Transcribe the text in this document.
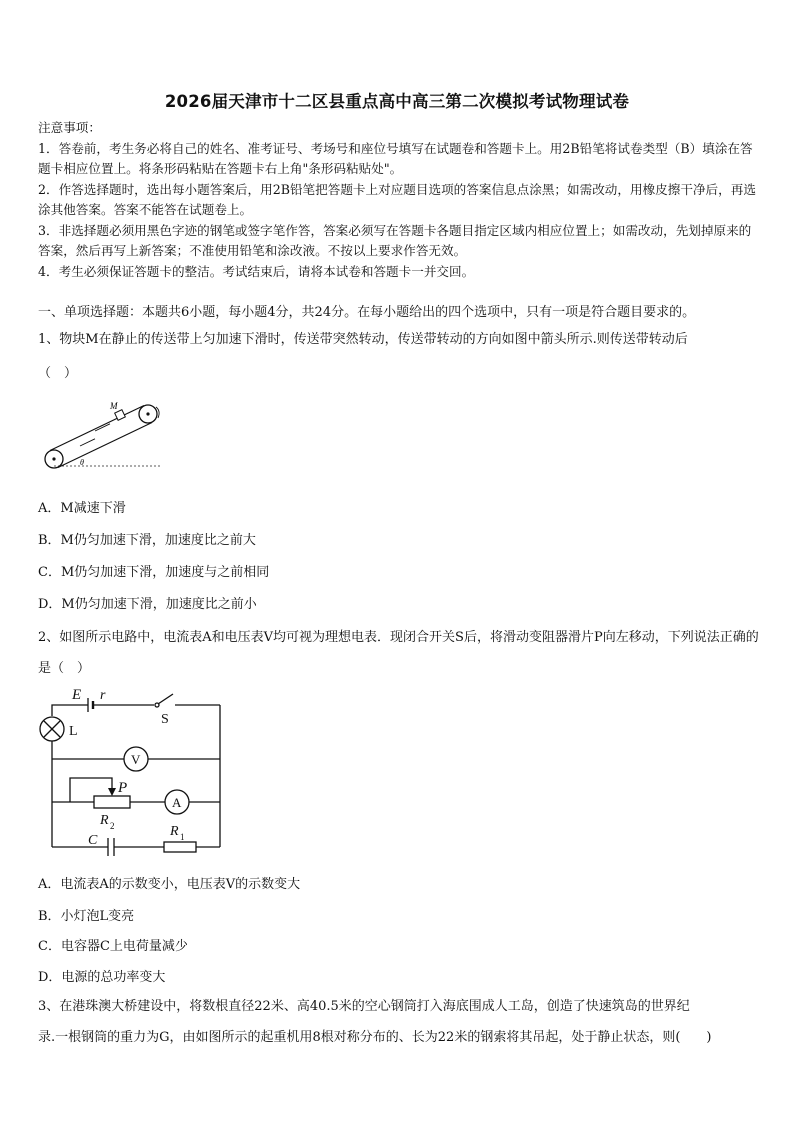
2026届天津市十二区县重点高中高三第二次模拟考试物理试卷

注意事项：

1．答卷前，考生务必将自己的姓名、准考证号、考场号和座位号填写在试题卷和答题卡上。用2B铅笔将试卷类型（B）填涂在答题卡相应位置上。将条形码粘贴在答题卡右上角"条形码粘贴处"。

2．作答选择题时，选出每小题答案后，用2B铅笔把答题卡上对应题目选项的答案信息点涂黑；如需改动，用橡皮擦干净后，再选涂其他答案。答案不能答在试题卷上。

3．非选择题必须用黑色字迹的钢笔或签字笔作答，答案必须写在答题卡各题目指定区域内相应位置上；如需改动，先划掉原来的答案，然后再写上新答案；不准使用铅笔和涂改液。不按以上要求作答无效。

4．考生必须保证答题卡的整洁。考试结束后，请将本试卷和答题卡一并交回。

一、单项选择题：本题共6小题，每小题4分，共24分。在每小题给出的四个选项中，只有一项是符合题目要求的。
1、物块M在静止的传送带上匀加速下滑时，传送带突然转动，传送带转动的方向如图中箭头所示.则传送带转动后
（　）
M
θ
A．M减速下滑
B．M仍匀加速下滑，加速度比之前大
C．M仍匀加速下滑，加速度与之前相同
D．M仍匀加速下滑，加速度比之前小
2、如图所示电路中，电流表A和电压表V均可视为理想电表．现闭合开关S后，将滑动变阻器滑片P向左移动，下列说法正确的是（　）
E r
S
L
V
A
P
R 2	R 1
C
A．电流表A的示数变小，电压表V的示数变大
B．小灯泡L变亮
C．电容器C上电荷量减少
D．电源的总功率变大
3、在港珠澳大桥建设中，将数根直径22米、高40.5米的空心钢筒打入海底围成人工岛，创造了快速筑岛的世界纪
录.一根钢筒的重力为G，由如图所示的起重机用8根对称分布的、长为22米的钢索将其吊起，处于静止状态，则(　　)
